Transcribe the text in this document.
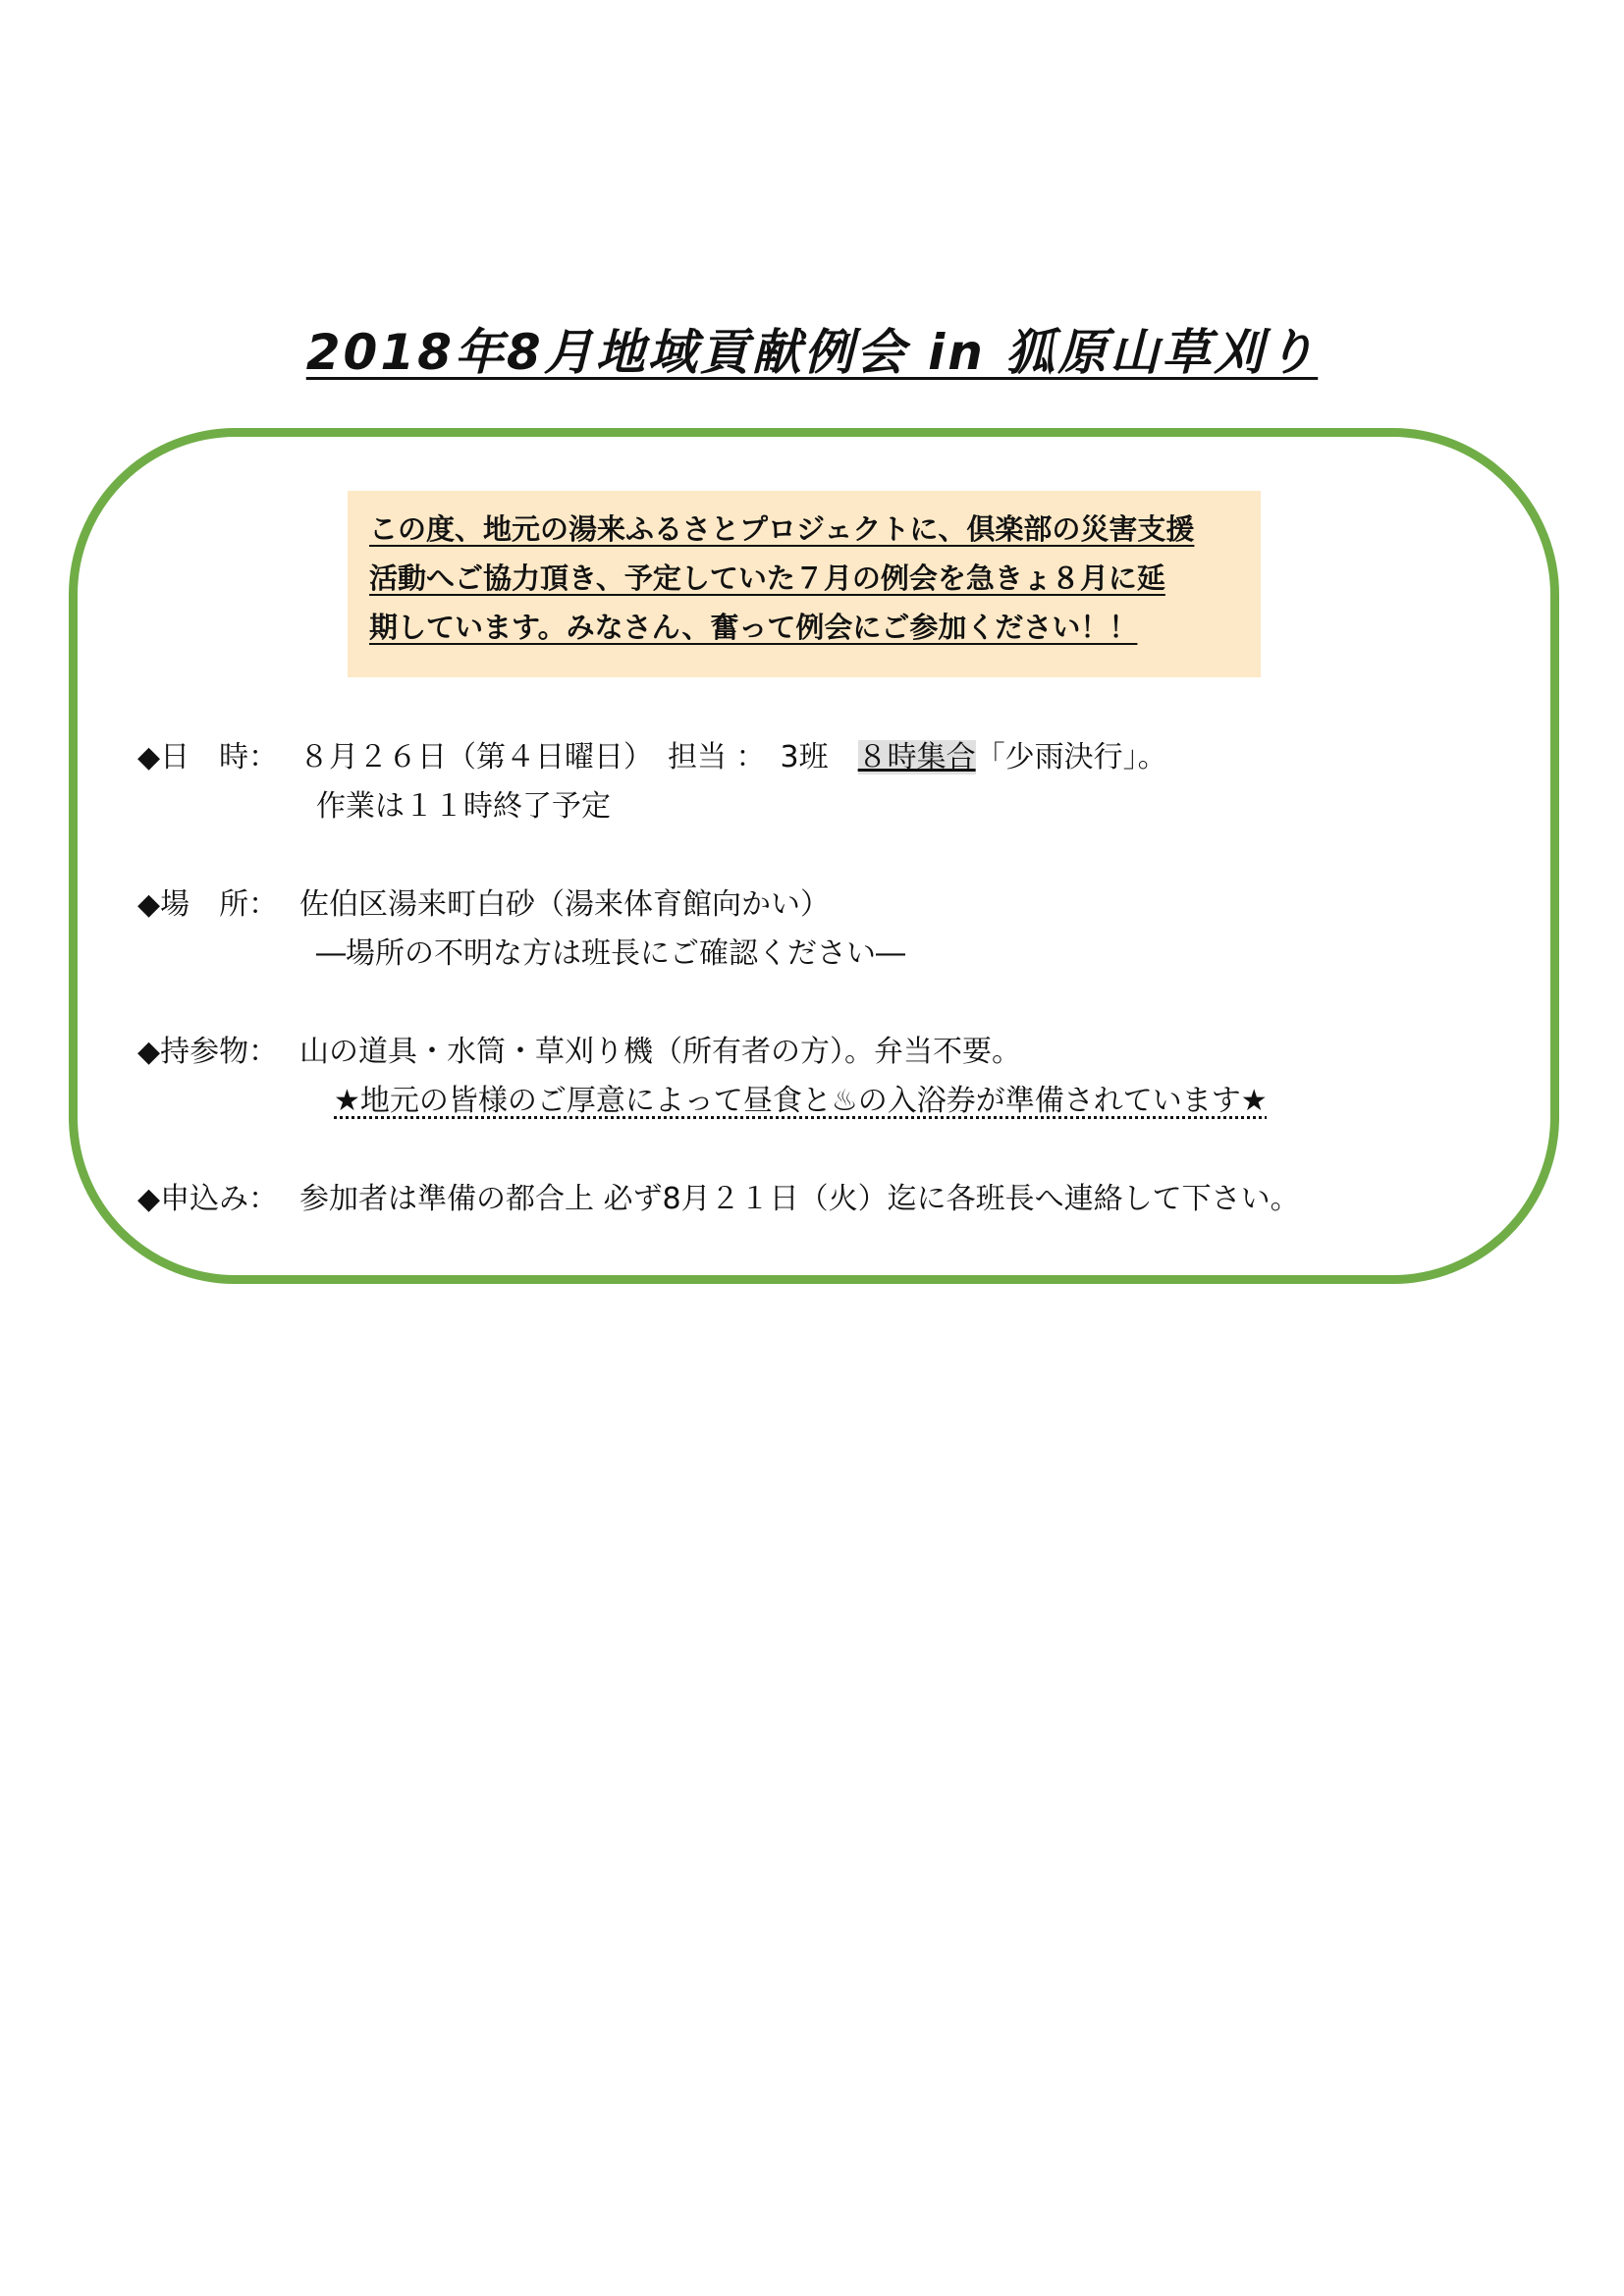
2018年8月地域貢献例会 in 狐原山草刈り
この度、地元の湯来ふるさとプロジェクトに、倶楽部の災害支援
活動へご協力頂き、予定していた７月の例会を急きょ８月に延
期しています。みなさん、奮って例会にご参加ください！！
◆日　時： ８月２６日（第４日曜日）　担当 ：　3班　８時集合「少雨決行」。
作業は１１時終了予定
◆場　所： 佐伯区湯来町白砂（湯来体育館向かい）
―場所の不明な方は班長にご確認ください―
◆持参物： 山の道具・水筒・草刈り機（所有者の方）。弁当不要。
★地元の皆様のご厚意によって昼食と♨の入浴券が準備されています★
◆申込み： 参加者は準備の都合上 必ず8月２１日（火）迄に各班長へ連絡して下さい。
